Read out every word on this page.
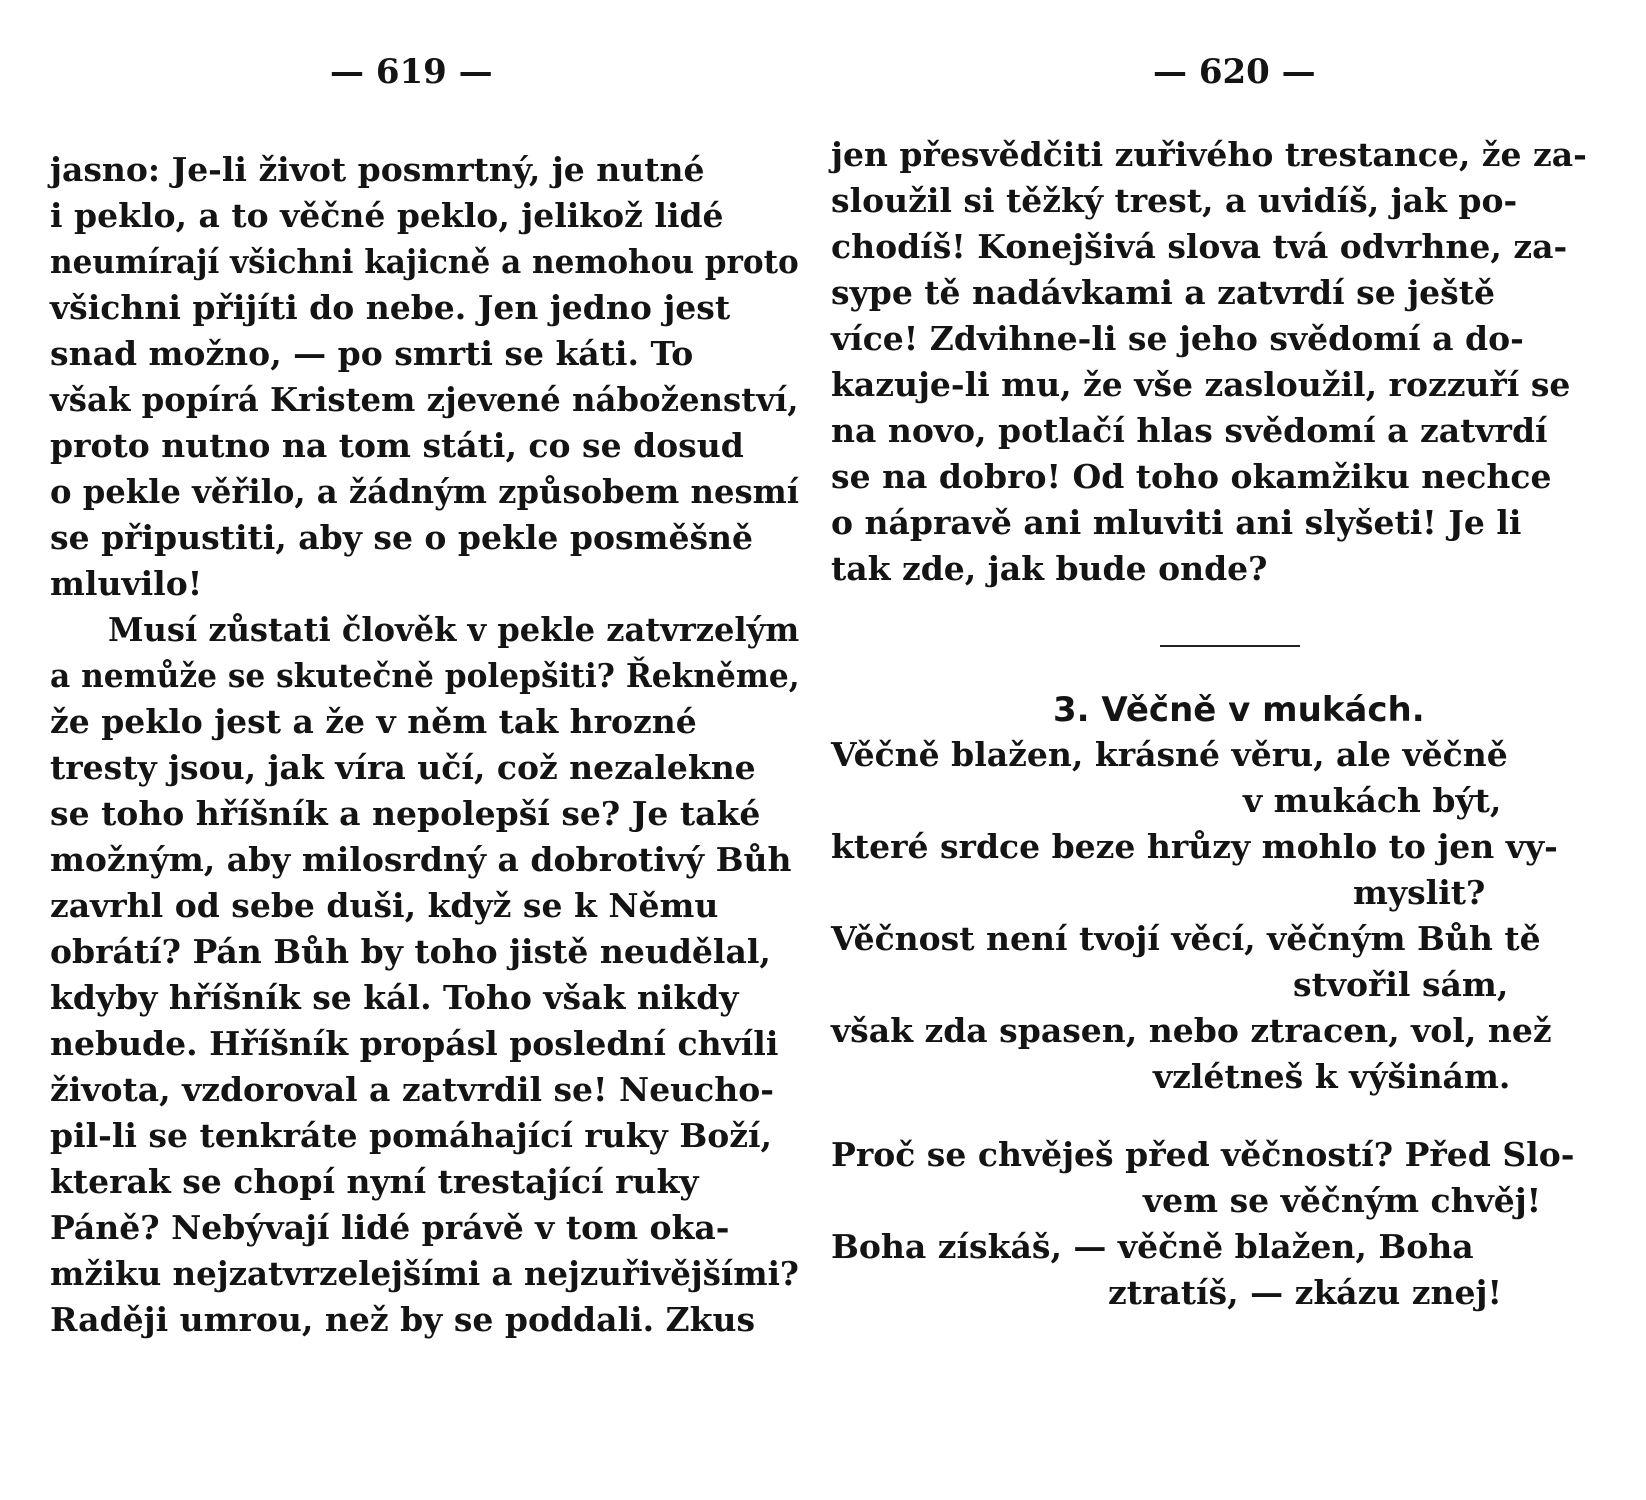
— 619 —
jasno: Je-li život posmrtný, je nutné
i peklo, a to věčné peklo, jelikož lidé
neumírají všichni kajicně a nemohou proto
všichni přijíti do nebe. Jen jedno jest
snad možno, — po smrti se káti. To
však popírá Kristem zjevené náboženství,
proto nutno na tom státi, co se dosud
o pekle věřilo, a žádným způsobem nesmí
se připustiti, aby se o pekle posměšně
mluvilo!
Musí zůstati člověk v pekle zatvrzelým
a nemůže se skutečně polepšiti? Řekněme,
že peklo jest a že v něm tak hrozné
tresty jsou, jak víra učí, což nezalekne
se toho hříšník a nepolepší se? Je také
možným, aby milosrdný a dobrotivý Bůh
zavrhl od sebe duši, když se k Němu
obrátí? Pán Bůh by toho jistě neudělal,
kdyby hříšník se kál. Toho však nikdy
nebude. Hříšník propásl poslední chvíli
života, vzdoroval a zatvrdil se! Neucho-
pil-li se tenkráte pomáhající ruky Boží,
kterak se chopí nyní trestající ruky
Páně? Nebývají lidé právě v tom oka-
mžiku nejzatvrzelejšími a nejzuřivějšími?
Raději umrou, než by se poddali. Zkus
— 620 —
jen přesvědčiti zuřivého trestance, že za-
sloužil si těžký trest, a uvidíš, jak po-
chodíš! Konejšivá slova tvá odvrhne, za-
sype tě nadávkami a zatvrdí se ještě
více! Zdvihne-li se jeho svědomí a do-
kazuje-li mu, že vše zasloužil, rozzuří se
na novo, potlačí hlas svědomí a zatvrdí
se na dobro! Od toho okamžiku nechce
o nápravě ani mluviti ani slyšeti! Je li
tak zde, jak bude onde?
3. Věčně v mukách.
Věčně blažen, krásné věru, ale věčně
v mukách být,
které srdce beze hrůzy mohlo to jen vy-
myslit?
Věčnost není tvojí věcí, věčným Bůh tě
stvořil sám,
však zda spasen, nebo ztracen, vol, než
vzlétneš k výšinám.
Proč se chvěješ před věčností? Před Slo-
vem se věčným chvěj!
Boha získáš, — věčně blažen, Boha
ztratíš, — zkázu znej!
